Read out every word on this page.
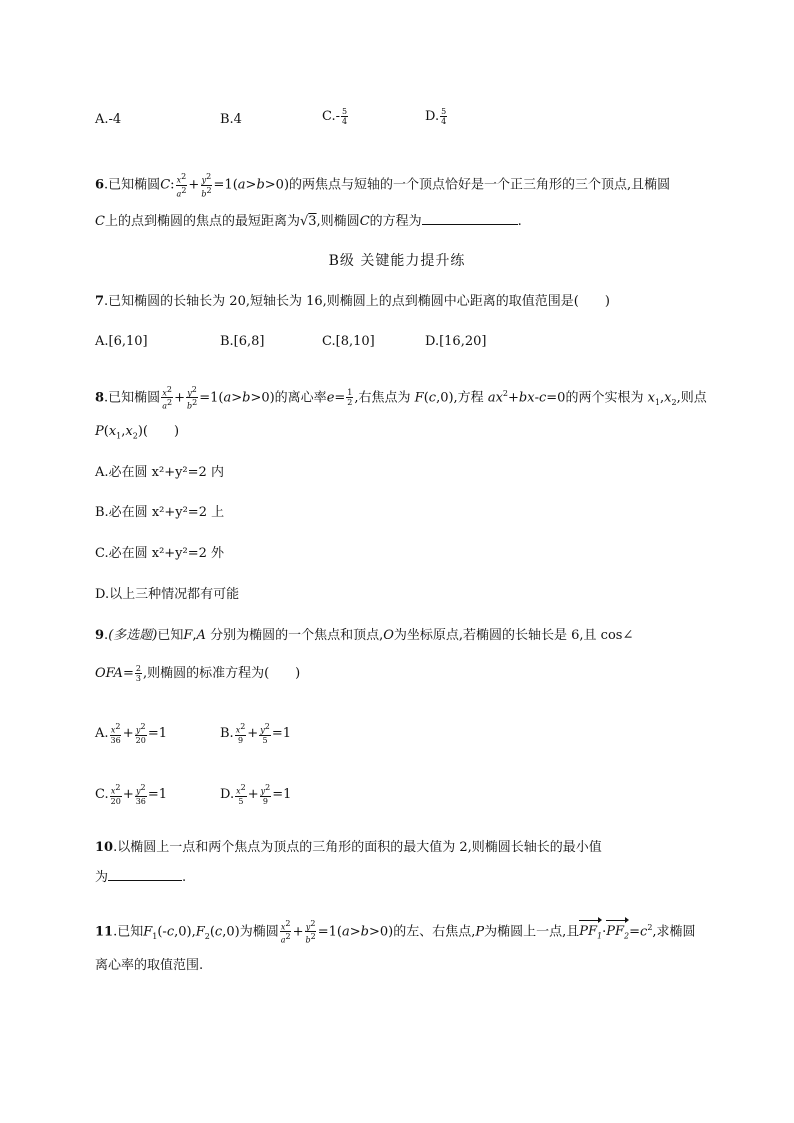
A.-4	B.4	$C.- \frac{5}{4}$	D. $\frac{5}{4}$
6.已知椭圆C: $\frac{x^2}{a^2} + \frac{y^2}{b^2} =1(a>b>0)$的两焦点与短轴的一个顶点恰好是一个正三角形的三个顶点,且椭圆
C上的点到椭圆的焦点的最短距离为√3,则椭圆C的方程为	.
B级 关键能力提升练
7.已知椭圆的长轴长为 20,短轴长为 16,则椭圆上的点到椭圆中心距离的取值范围是(　　)
A.[6,10]	B.[6,8]	C.[8,10]	D.[16,20]
8.已知椭圆 $\frac{x^2}{a^2} + \frac{y^2}{b^2} =1(a>b>0)$的离心率$e= \frac{1}{2}$ ,右焦点为 F(c,0),方程 $ax^2+bx-c=0$的两个实根为 $x_1,x_2$,则点
$P(x_1,x_2)$(　　)
A.必在圆 x²+y²=2 内
B.必在圆 x²+y²=2 上
C.必在圆 x²+y²=2 外
D.以上三种情况都有可能
9.(多选题)已知F,A 分别为椭圆的一个焦点和顶点,O为坐标原点,若椭圆的长轴长是 6,且 cos∠
$OFA= \frac{2}{3}$ ,则椭圆的标准方程为(　　)
A. $\frac{x^2}{36} + \frac{y^2}{20} =1$	B. $\frac{x^2}{9} + \frac{y^2}{5} =1$
C. $\frac{x^2}{20} + \frac{y^2}{36} =1$	D. $\frac{x^2}{5} + \frac{y^2}{9} =1$
10.以椭圆上一点和两个焦点为顶点的三角形的面积的最大值为 2,则椭圆长轴长的最小值
为	.
11.已知$F_1(-c,0),F_2(c,0)$为椭圆 $\frac{x^2}{a^2} + \frac{y^2}{b^2} =1(a>b>0)$的左、右焦点,P为椭圆上一点,且$PF_1\cdot PF_2=c^2$,求椭圆
离心率的取值范围.
